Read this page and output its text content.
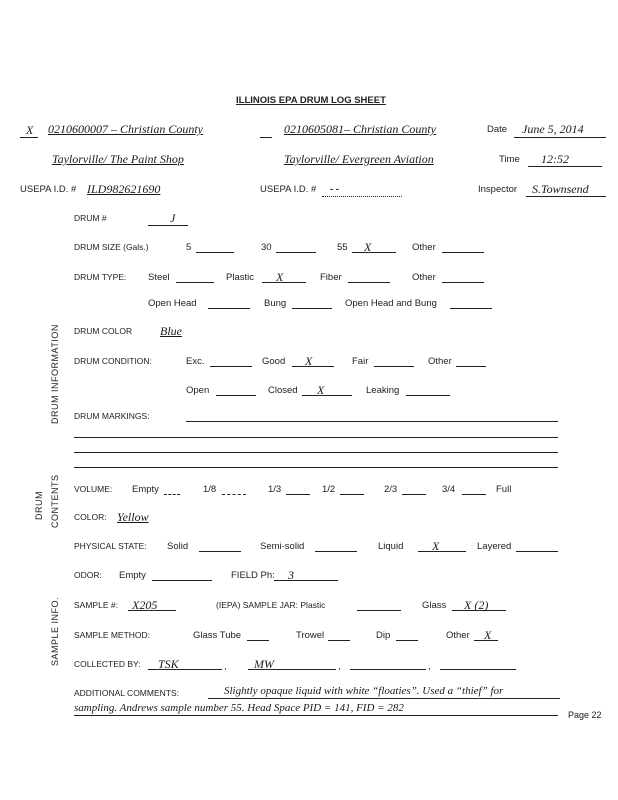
ILLINOIS EPA DRUM LOG SHEET
X 0210600007 – Christian County
Taylorville/ The Paint Shop
0210605081– Christian County
Taylorville/ Evergreen Aviation
Date June 5, 2014
Time 12:52
USEPA I.D. # ILD982621690	USEPA I.D. # - -	Inspector S.Townsend
DRUM #	J
DRUM SIZE (Gals.)	5	30	55 X	Other
DRUM TYPE: Steel	Plastic X	Fiber	Other
Open Head	Bung	Open Head and Bung
DRUM COLOR Blue
DRUM CONDITION:	Exc.	Good X	Fair	Other
Open	Closed X	Leaking
DRUM MARKINGS:
DRUM INFORMATION
DRUM CONTENTS
SAMPLE INFO.
VOLUME: Empty	1/8	1/3	1/2	2/3	3/4	Full
COLOR: Yellow
PHYSICAL STATE: Solid	Semi-solid	Liquid X	Layered
ODOR: Empty	FIELD Ph: 3
SAMPLE #: X205	(IEPA) SAMPLE JAR: Plastic	Glass X (2)
SAMPLE METHOD:	Glass Tube	Trowel	Dip	Other X
COLLECTED BY: TSK	, MW	,	,
ADDITIONAL COMMENTS:	Slightly opaque liquid with white “floaties”. Used a “thief” for
sampling. Andrews sample number 55. Head Space PID = 141, FID = 282
Page 22
